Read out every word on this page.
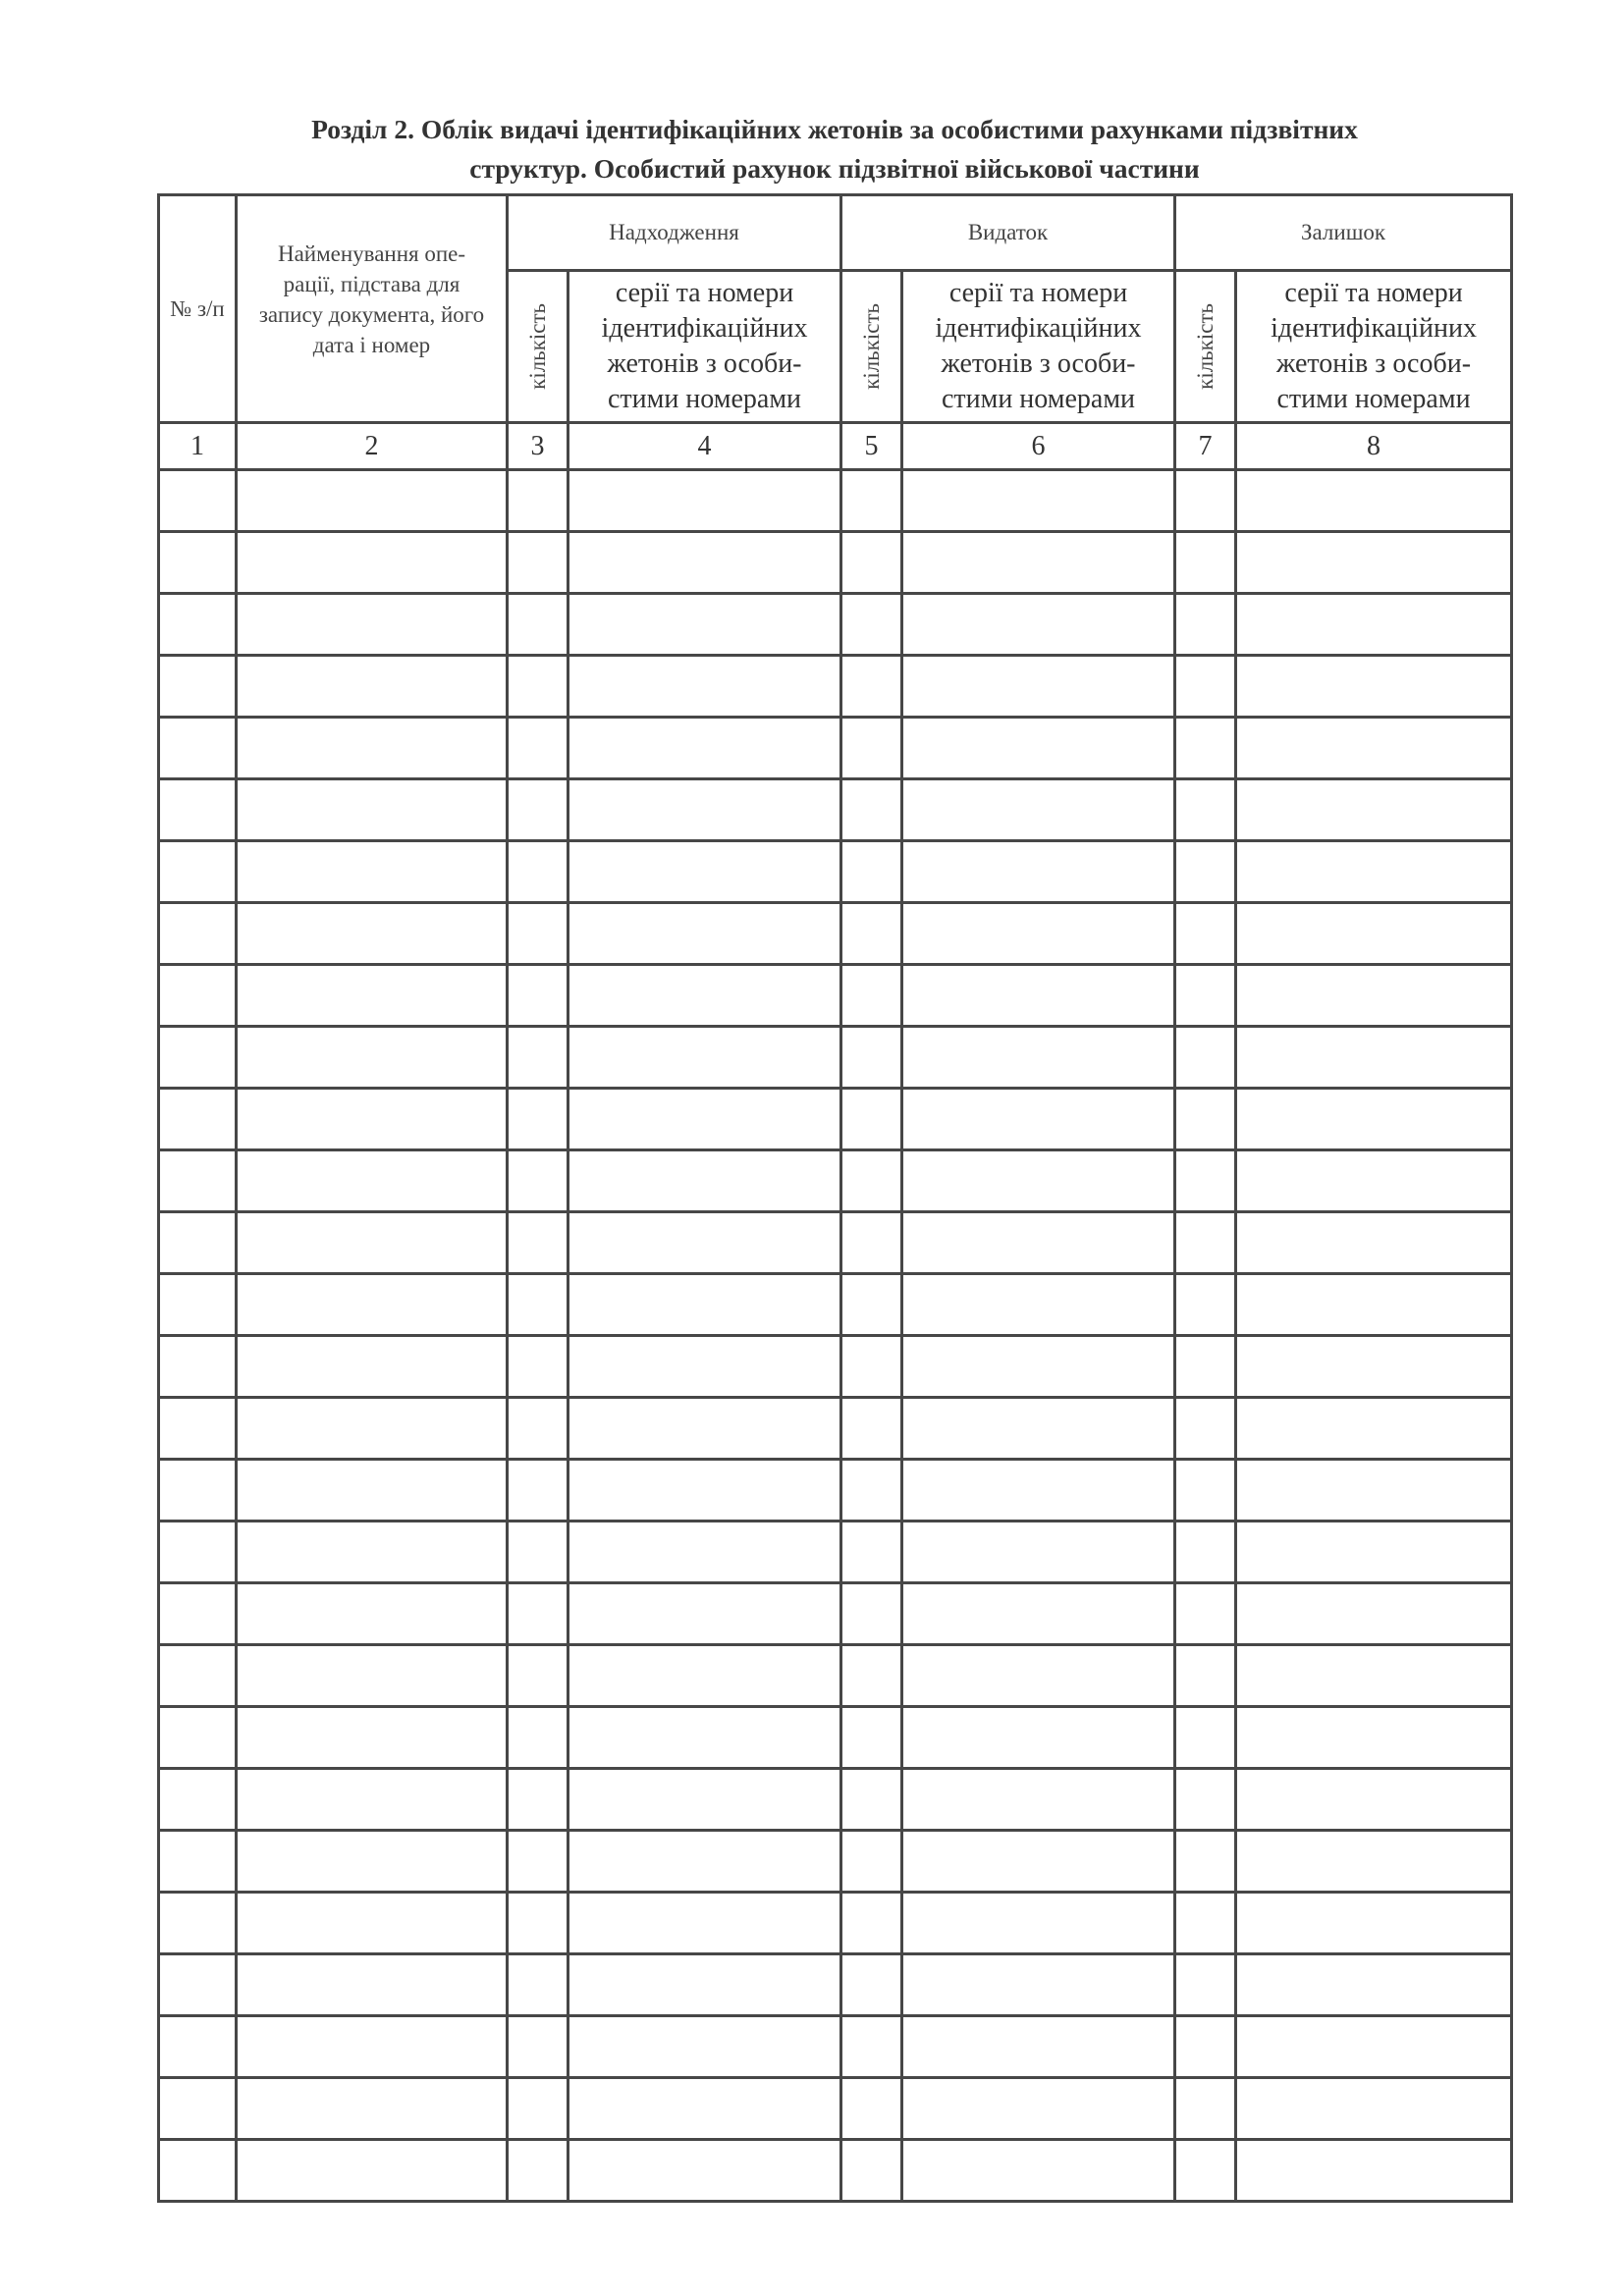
Розділ 2. Облік видачі ідентифікаційних жетонів за особистими рахунками підзвітних
структур. Особистий рахунок підзвітної військової частини
№ з/п	Найменування опе-рації, підстава для запису документа, його дата і номер	Надходження		Видаток		Залишок	

		кількість	серії та номери ідентифікаційних жетонів з особи-стими номерами	кількість	серії та номери ідентифікаційних жетонів з особи-стими номерами	кількість	серії та номери ідентифікаційних жетонів з особи-стими номерами
1	2	3	4	5	6	7	8
